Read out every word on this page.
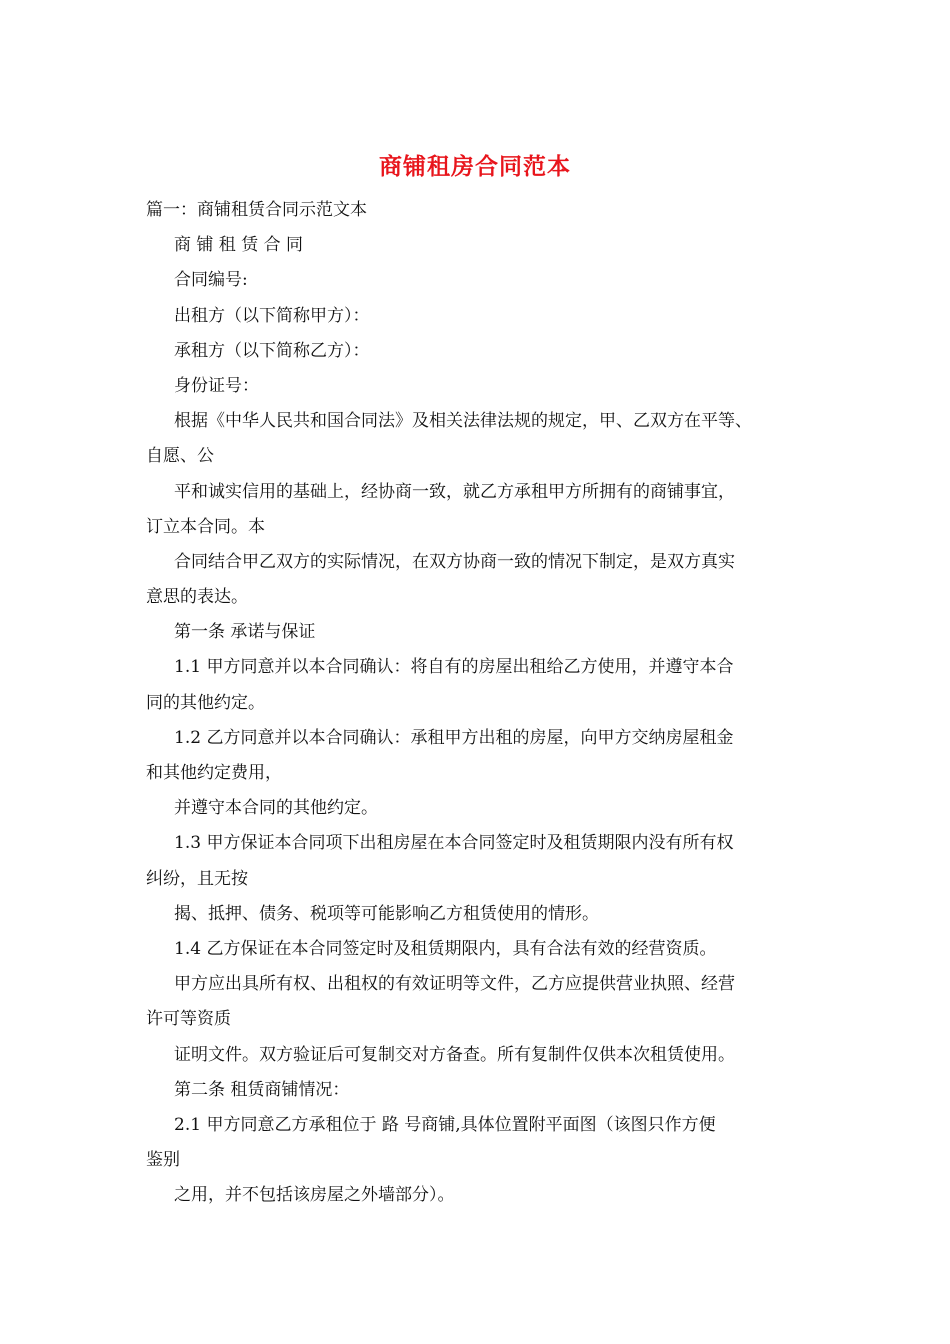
商铺租房合同范本
篇一：商铺租赁合同示范文本
商 铺 租 赁 合 同
合同编号:
出租方（以下简称甲方）：
承租方（以下简称乙方）：
身份证号：
根据《中华人民共和国合同法》及相关法律法规的规定，甲、乙双方在平等、
自愿、公
平和诚实信用的基础上，经协商一致，就乙方承租甲方所拥有的商铺事宜，
订立本合同。本
合同结合甲乙双方的实际情况，在双方协商一致的情况下制定，是双方真实
意思的表达。
第一条 承诺与保证
1.1 甲方同意并以本合同确认：将自有的房屋出租给乙方使用，并遵守本合
同的其他约定。
1.2 乙方同意并以本合同确认：承租甲方出租的房屋，向甲方交纳房屋租金
和其他约定费用，
并遵守本合同的其他约定。
1.3 甲方保证本合同项下出租房屋在本合同签定时及租赁期限内没有所有权
纠纷，且无按
揭、抵押、债务、税项等可能影响乙方租赁使用的情形。
1.4 乙方保证在本合同签定时及租赁期限内，具有合法有效的经营资质。
甲方应出具所有权、出租权的有效证明等文件，乙方应提供营业执照、经营
许可等资质
证明文件。双方验证后可复制交对方备查。所有复制件仅供本次租赁使用。
第二条 租赁商铺情况：
2.1 甲方同意乙方承租位于 路 号商铺,具体位置附平面图（该图只作方便
鉴别
之用，并不包括该房屋之外墙部分）。
